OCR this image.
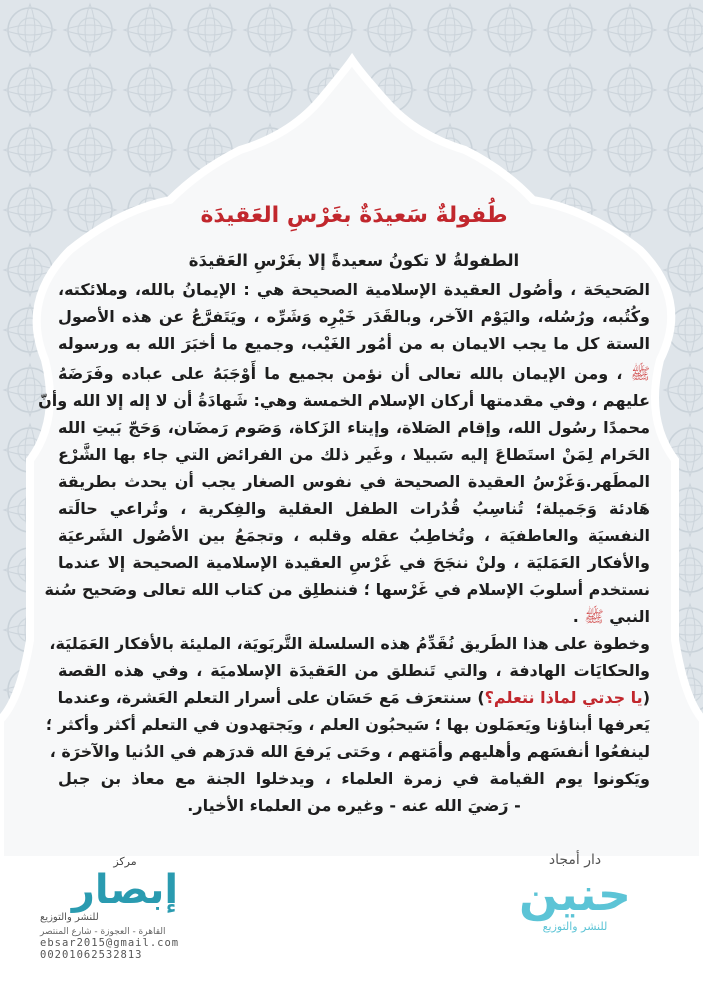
طُفولةٌ سَعيدَةٌ بغَرْسِ العَقيدَة
الطفولةُ لا تكونُ سعيدةً إلا بغَرْسِ العَقيدَة
الصَحيحَة ، وأصُول العقيدة الإسلامية الصحيحة هي : الإيمانُ بالله، وملائكته،
وكُتُبه، ورُسُله، واليَوْم الآخر، وبالقَدَر خَيْرِه وَشَرِّه ، ويَتَفرَّعُ عن هذه الأصول
الستة كل ما يجب الايمان به من أمُور الغَيْب، وجميع ما أخبَرَ الله به ورسوله
ﷺ ، ومن الإيمان بالله تعالى أن نؤمن بجميع ما أَوْجَبَهُ على عباده وفَرَضَهُ
عليهم ، وفي مقدمتها أركان الإسلام الخمسة وهي: شَهادَةُ أن لا إله إلا الله وأنّ
محمدًا رسُول الله، وإقام الصَلاة، وإيتاء الزَكاة، وَصَوم رَمضَان، وَحَجّ بَيتِ الله
الحَرام لِمَنْ استَطاعَ إليه سَبيلا ، وغَير ذلك من الفرائض التي جاء بها الشَّرْع
المطَهر.وَغَرْسُ العقيدة الصحيحة في نفوس الصغار يجب أن يحدث بطريقة
هَادئة وَجَميلة؛ تُناسِبُ قُدُرات الطفل العقلية والفِكرية ، وتُراعي حالَته
النفسيَة والعاطفيَة ، وتُخاطِبُ عقله وقلبه ، وتجمَعُ بين الأصُول الشَرعيَة
والأفكار العَمَليَة ، ولنْ ننجَحَ في غَرْسِ العقيدة الإسلامية الصحيحة إلا عندما
نستخدم أسلوبَ الإسلام في غَرْسها ؛ فننطلِق من كتاب الله تعالى وصَحيح سُنة
النبي ﷺ .
وخطوة على هذا الطَريق نُقَدِّمُ هذه السلسلة التَّربَويَة، المليئة بالأفكار العَمَليَة،
والحكايَات الهادفة ، والتي تَنطلق من العَقيدَة الإسلاميَة ، وفي هذه القصة
(يا جدتي لماذا نتعلم؟) سنتعرَف مَع حَسَان على أسرار التعلم العَشرة، وعندما
يَعرفها أبناؤنا ويَعمَلون بها ؛ سَيحبُون العلم ، ويَجتهدون في التعلم أكثر وأكثر ؛
لينفعُوا أنفسَهم وأهليهم وأمَتهم ، وحَتى يَرفعَ الله قدرَهم في الدُنيا والآخرَة ،
ويَكونوا يوم القيامة في زمرة العلماء ، ويدخلوا الجنة مع معاذ بن جبل
- رَضيَ الله عنه - وغيره من العلماء الأخيار.
مركز
إبصار
للنشر والتوزيع
القاهرة - العجوزة - شارع المنتصر
ebsar2015@gmail.com
00201062532813
دار أمجاد
حنين
للنشر والتوزيع
